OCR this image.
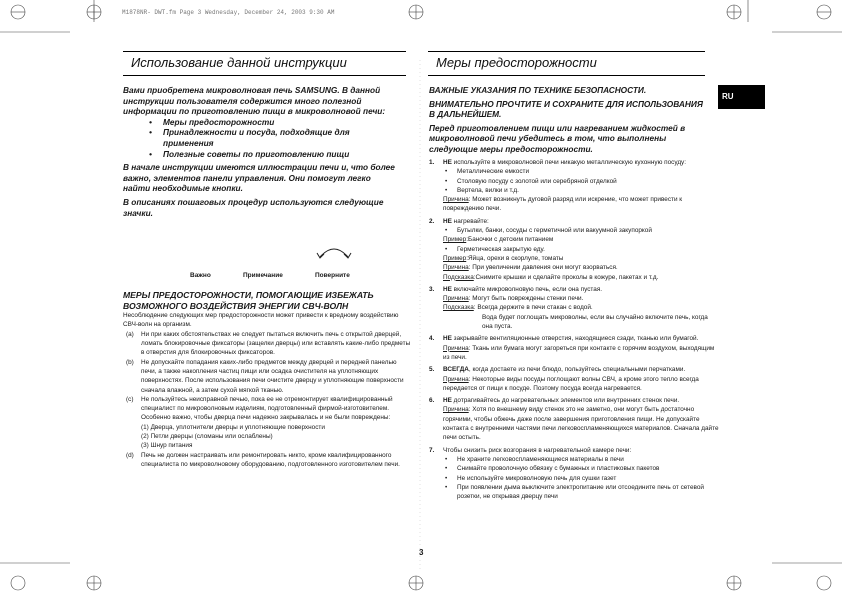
M1878NR- DWT.fm Page 3 Wednesday, December 24, 2003 9:30 AM
Использование данной инструкции	Меры предосторожности
RU

Вами приобретена микроволновая печь SAMSUNG. В данной инструкции пользователя содержится много полезной информации по приготовлению пищи в микроволновой печи:

• Меры предосторожности
• Принадлежности и посуда, подходящие для применения
• Полезные советы по приготовлению пищи

В начале инструкции имеются иллюстрации печи и, что более важно, элементов панели управления. Они помогут легко найти необходимые кнопки.

В описаниях пошаговых процедур используются следующие значки.

Важно	Примечание	Поверните
МЕРЫ ПРЕДОСТОРОЖНОСТИ, ПОМОГАЮЩИЕ ИЗБЕЖАТЬ ВОЗМОЖНОГО ВОЗДЕЙСТВИЯ ЭНЕРГИИ СВЧ-ВОЛН
Несоблюдение следующих мер предосторожности может привести к вредному воздействию СВЧ-волн на организм.
(a) Ни при каких обстоятельствах не следует пытаться включить печь с открытой дверцей, ломать блокировочные фиксаторы (защелки дверцы) или вставлять какие-либо предметы в отверстия для блокировочных фиксаторов.
(b) Не допускайте попадания каких-либо предметов между дверцей и передней панелью печи, а также накопления частиц пищи или осадка очистителя на уплотняющих поверхностях. После использования печи очистите дверцу и уплотняющие поверхности сначала влажной, а затем сухой мягкой тканью.
(c) Не пользуйтесь неисправной печью, пока ее не отремонтирует квалифицированный специалист по микроволновым изделиям, подготовленный фирмой-изготовителем. Особенно важно, чтобы дверца печи надежно закрывалась и не были повреждены:
(1) Дверца, уплотнители дверцы и уплотняющие поверхности
(2) Петли дверцы (сломаны или ослаблены)
(3) Шнур питания
(d) Печь не должен настраивать или ремонтировать никто, кроме квалифицированного специалиста по микроволновому оборудованию, подготовленного изготовителем печи.

ВАЖНЫЕ УКАЗАНИЯ ПО ТЕХНИКЕ БЕЗОПАСНОСТИ.

ВНИМАТЕЛЬНО ПРОЧТИТЕ И СОХРАНИТЕ ДЛЯ ИСПОЛЬЗОВАНИЯ В ДАЛЬНЕЙШЕМ.

Перед приготовлением пищи или нагреванием жидкостей в микроволновой печи убедитесь в том, что выполнены следующие меры предосторожности.

1. НЕ используйте в микроволновой печи никакую металлическую кухонную посуду:
• Металлические емкости
• Столовую посуду с золотой или серебряной отделкой
• Вертела, вилки и т.д.
Причина: Может возникнуть дуговой разряд или искрение, что может привести к повреждению печи.
2. НЕ нагревайте:
• Бутылки, банки, сосуды с герметичной или вакуумной закупоркой
Пример:Баночки с детским питанием
• Герметическая закрытую еду.
Пример:Яйца, орехи в скорлупе, томаты
Причина: При увеличении давления они могут взорваться.
Подсказка:Снимите крышки и сделайте проколы в кожуре, пакетах и т.д.
3. НЕ включайте микроволновую печь, если она пустая.
Причина: Могут быть повреждены стенки печи.
Подсказка: Всегда держите в печи стакан с водой.
Вода будет поглощать микроволны, если вы случайно включите печь, когда она пуста.
4. НЕ закрывайте вентиляционные отверстия, находящиеся сзади, тканью или бумагой.
Причина: Ткань или бумага могут загореться при контакте с горячим воздухом, выходящим из печи.
5. ВСЕГДА, когда достаете из печи блюдо, пользуйтесь специальными перчатками.
Причина: Некоторые виды посуды поглощают волны СВЧ, а кроме этого тепло всегда передается от пищи к посуде. Поэтому посуда всегда нагревается.
6. НЕ дотрагивайтесь до нагревательных элементов или внутренних стенок печи.
Причина: Хотя по внешнему виду стенок это не заметно, они могут быть достаточно горячими, чтобы обжечь даже после завершения приготовления пищи. Не допускайте контакта с внутренними частями печи легковоспламеняющихся материалов. Сначала дайте печи остыть.
7. Чтобы снизить риск возгорания в нагревательной камере печи:
• Не храните легковоспламеняющиеся материалы в печи
• Снимайте проволочную обвязку с бумажных и пластиковых пакетов
• Не используйте микроволновую печь для сушки газет
• При появлении дыма выключите электропитание или отсоедините печь от сетевой розетки, не открывая дверцу печи
3
